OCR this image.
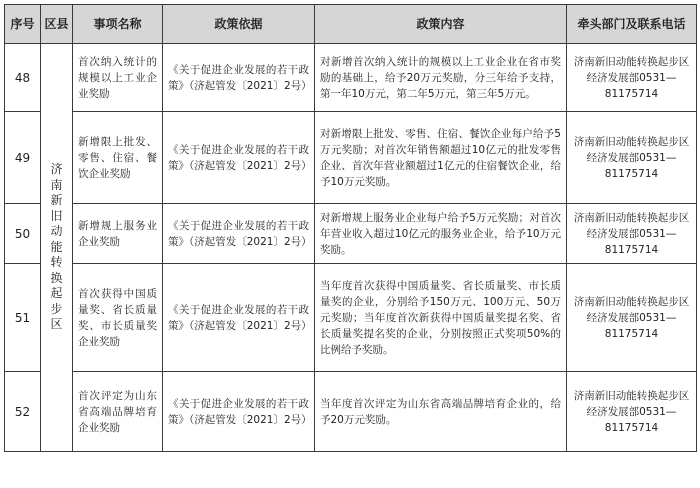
序号	区县	事项名称	政策依据	政策内容	牵头部门及联系电话
48	济南新旧动能转换起步区	首次纳入统计的规模以上工业企业奖励	《关于促进企业发展的若干政策》（济起管发〔2021〕2号）	对新增首次纳入统计的规模以上工业企业在省市奖励的基础上，给予20万元奖励，分三年给予支持，第一年10万元，第二年5万元，第三年5万元。	济南新旧动能转换起步区经济发展部0531—81175714
49		新增限上批发、零售、住宿、餐饮企业奖励	《关于促进企业发展的若干政策》（济起管发〔2021〕2号）	对新增限上批发、零售、住宿、餐饮企业每户给予5万元奖励；对首次年销售额超过10亿元的批发零售企业、首次年营业额超过1亿元的住宿餐饮企业，给予10万元奖励。	济南新旧动能转换起步区经济发展部0531—81175714
50		新增规上服务业企业奖励	《关于促进企业发展的若干政策》（济起管发〔2021〕2号）	对新增规上服务业企业每户给予5万元奖励；对首次年营业收入超过10亿元的服务业企业，给予10万元奖励。	济南新旧动能转换起步区经济发展部0531—81175714
51		首次获得中国质量奖、省长质量奖、市长质量奖企业奖励	《关于促进企业发展的若干政策》（济起管发〔2021〕2号）	当年度首次获得中国质量奖、省长质量奖、市长质量奖的企业，分别给予150万元、100万元、50万元奖励；当年度首次新获得中国质量奖提名奖、省长质量奖提名奖的企业，分别按照正式奖项50%的比例给予奖励。	济南新旧动能转换起步区经济发展部0531—81175714
52		首次评定为山东省高端品牌培育企业奖励	《关于促进企业发展的若干政策》（济起管发〔2021〕2号）	当年度首次评定为山东省高端品牌培育企业的，给予20万元奖励。	济南新旧动能转换起步区经济发展部0531—81175714
